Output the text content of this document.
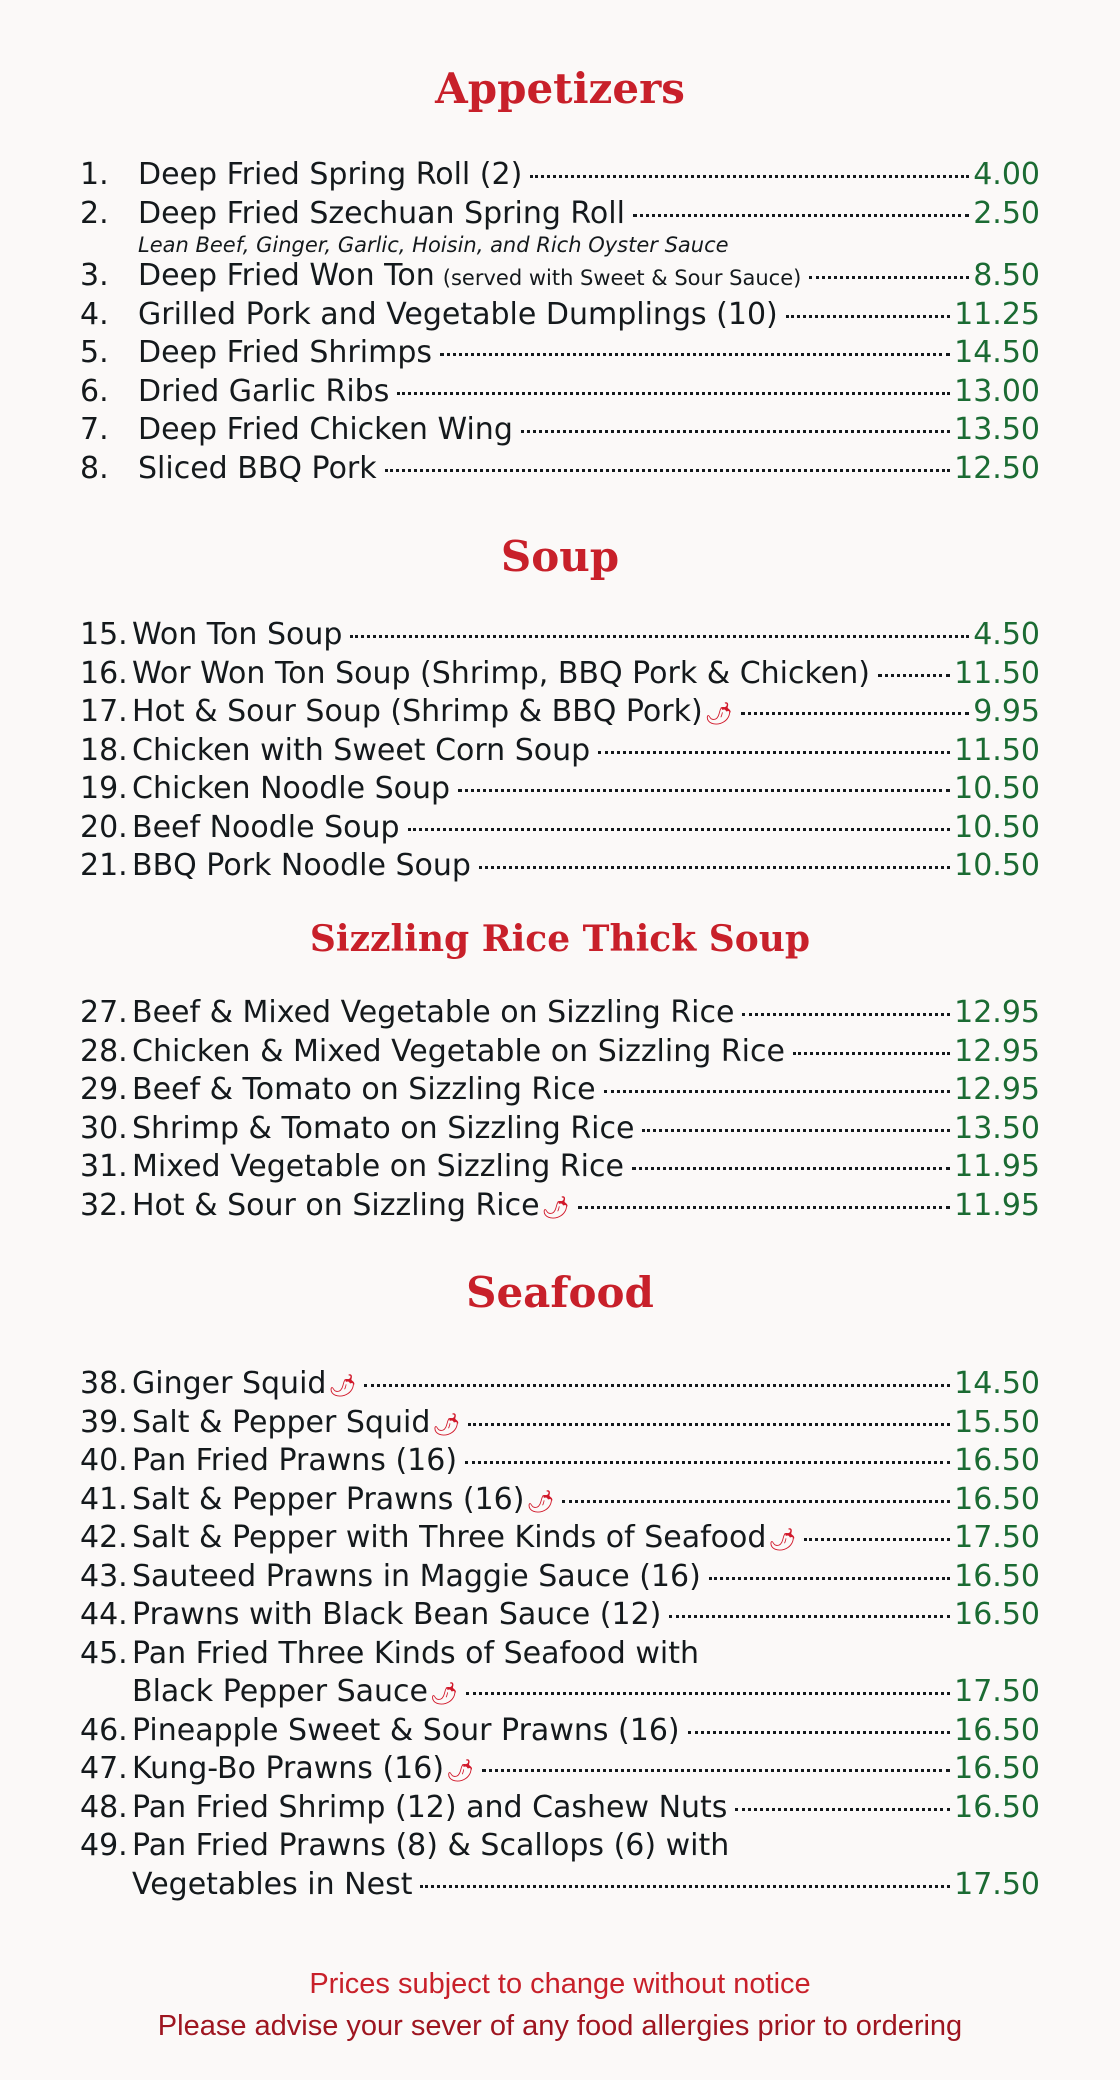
Appetizers
1. Deep Fried Spring Roll (2)	4.00
2. Deep Fried Szechuan Spring Roll	2.50
Lean Beef, Ginger, Garlic, Hoisin, and Rich Oyster Sauce
3. Deep Fried Won Ton (served with Sweet & Sour Sauce)	8.50
4. Grilled Pork and Vegetable Dumplings (10)	11.25
5. Deep Fried Shrimps	14.50
6. Dried Garlic Ribs	13.00
7. Deep Fried Chicken Wing	13.50
8. Sliced BBQ Pork	12.50
Soup
15. Won Ton Soup	4.50
16. Wor Won Ton Soup (Shrimp, BBQ Pork & Chicken)	11.50
17. Hot & Sour Soup (Shrimp & BBQ Pork) 🌶︎	9.95
18. Chicken with Sweet Corn Soup	11.50
19. Chicken Noodle Soup	10.50
20. Beef Noodle Soup	10.50
21. BBQ Pork Noodle Soup	10.50
Sizzling Rice Thick Soup
27. Beef & Mixed Vegetable on Sizzling Rice	12.95
28. Chicken & Mixed Vegetable on Sizzling Rice	12.95
29. Beef & Tomato on Sizzling Rice	12.95
30. Shrimp & Tomato on Sizzling Rice	13.50
31. Mixed Vegetable on Sizzling Rice	11.95
32. Hot & Sour on Sizzling Rice 🌶︎	11.95
Seafood
38. Ginger Squid 🌶︎	14.50
39. Salt & Pepper Squid 🌶︎	15.50
40. Pan Fried Prawns (16)	16.50
41. Salt & Pepper Prawns (16) 🌶︎	16.50
42. Salt & Pepper with Three Kinds of Seafood 🌶︎	17.50
43. Sauteed Prawns in Maggie Sauce (16)	16.50
44. Prawns with Black Bean Sauce (12)	16.50
45. Pan Fried Three Kinds of Seafood with
Black Pepper Sauce 🌶︎	17.50
46. Pineapple Sweet & Sour Prawns (16)	16.50
47. Kung-Bo Prawns (16) 🌶︎	16.50
48. Pan Fried Shrimp (12) and Cashew Nuts	16.50
49. Pan Fried Prawns (8) & Scallops (6) with
Vegetables in Nest	17.50
Prices subject to change without notice
Please advise your sever of any food allergies prior to ordering
